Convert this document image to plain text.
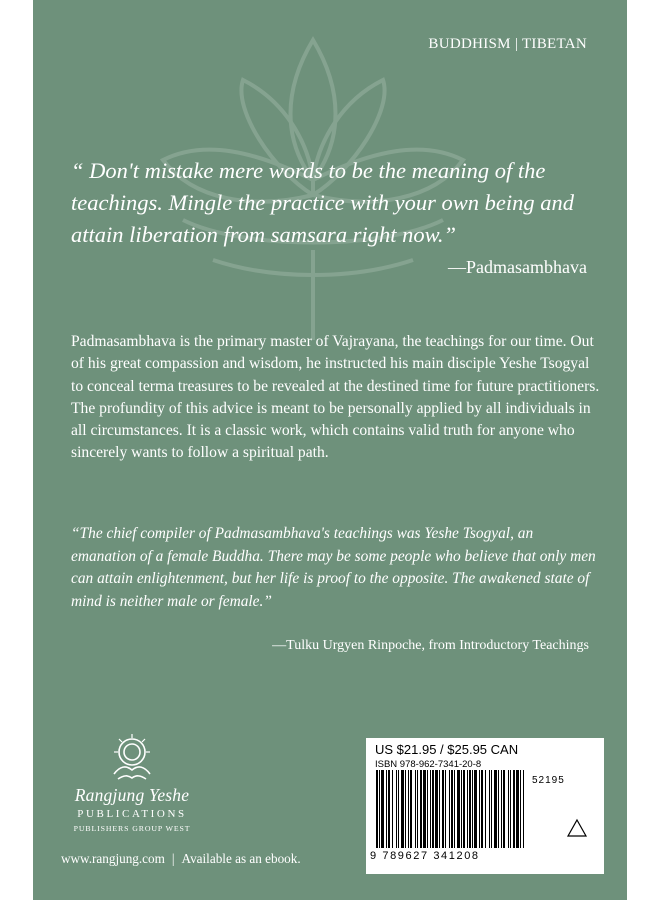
BUDDHISM | TIBETAN
“ Don't mistake mere words to be the meaning of the teachings. Mingle the practice with your own being and attain liberation from samsara right now.”
—Padmasambhava
Padmasambhava is the primary master of Vajrayana, the teachings for our time. Out of his great compassion and wisdom, he instructed his main disciple Yeshe Tsogyal to conceal terma treasures to be revealed at the destined time for future practitioners. The profundity of this advice is meant to be personally applied by all individuals in all circumstances. It is a classic work, which contains valid truth for anyone who sincerely wants to follow a spiritual path.
“The chief compiler of Padmasambhava's teachings was Yeshe Tsogyal, an emanation of a female Buddha. There may be some people who believe that only men can attain enlightenment, but her life is proof to the opposite. The awakened state of mind is neither male or female.”
—Tulku Urgyen Rinpoche, from Introductory Teachings
Rangjung Yeshe
PUBLICATIONS
PUBLISHERS GROUP WEST
www.rangjung.com | Available as an ebook.
US $21.95 / $25.95 CAN
ISBN 978-962-7341-20-8
52195
9 789627 341208
